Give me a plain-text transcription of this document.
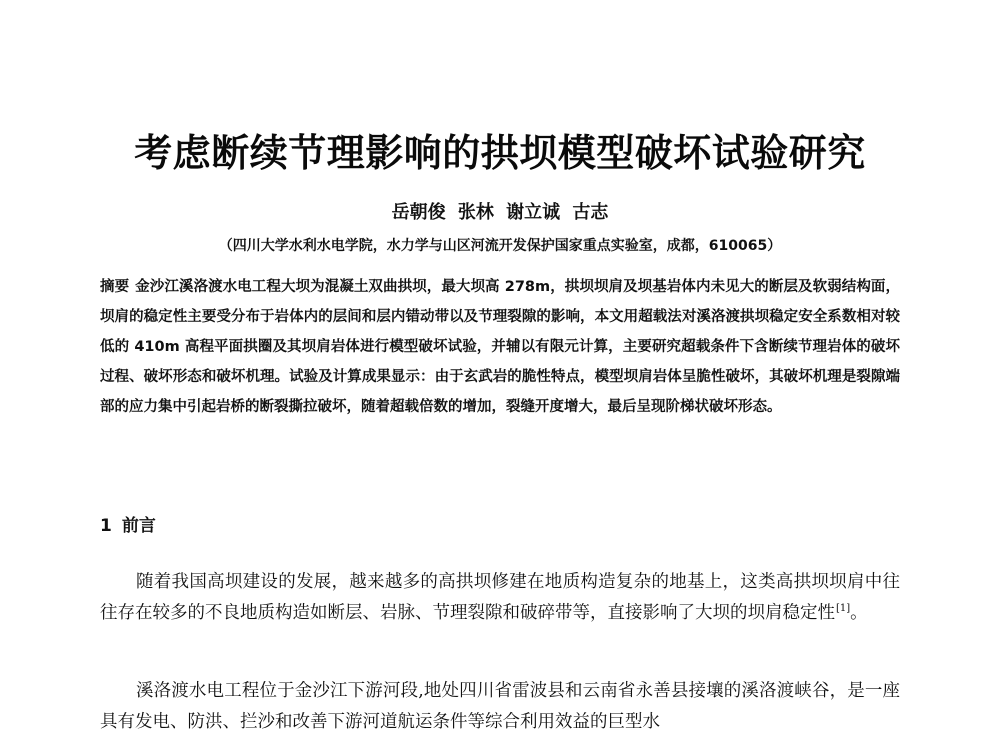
考虑断续节理影响的拱坝模型破坏试验研究
岳朝俊 张林 谢立诚 古志
（四川大学水利水电学院，水力学与山区河流开发保护国家重点实验室，成都，610065）

摘要 金沙江溪洛渡水电工程大坝为混凝土双曲拱坝，最大坝高 278m，拱坝坝肩及坝基岩体内未见大的断层及软弱结构面，坝肩的稳定性主要受分布于岩体内的层间和层内错动带以及节理裂隙的影响，本文用超载法对溪洛渡拱坝稳定安全系数相对较低的 410m 高程平面拱圈及其坝肩岩体进行模型破坏试验，并辅以有限元计算，主要研究超载条件下含断续节理岩体的破坏过程、破坏形态和破坏机理。试验及计算成果显示：由于玄武岩的脆性特点，模型坝肩岩体呈脆性破坏，其破坏机理是裂隙端部的应力集中引起岩桥的断裂撕拉破坏，随着超载倍数的增加，裂缝开度增大，最后呈现阶梯状破坏形态。

1 前言

随着我国高坝建设的发展，越来越多的高拱坝修建在地质构造复杂的地基上，这类高拱坝坝肩中往往存在较多的不良地质构造如断层、岩脉、节理裂隙和破碎带等，直接影响了大坝的坝肩稳定性[1]。

溪洛渡水电工程位于金沙江下游河段,地处四川省雷波县和云南省永善县接壤的溪洛渡峡谷，是一座具有发电、防洪、拦沙和改善下游河道航运条件等综合利用效益的巨型水
